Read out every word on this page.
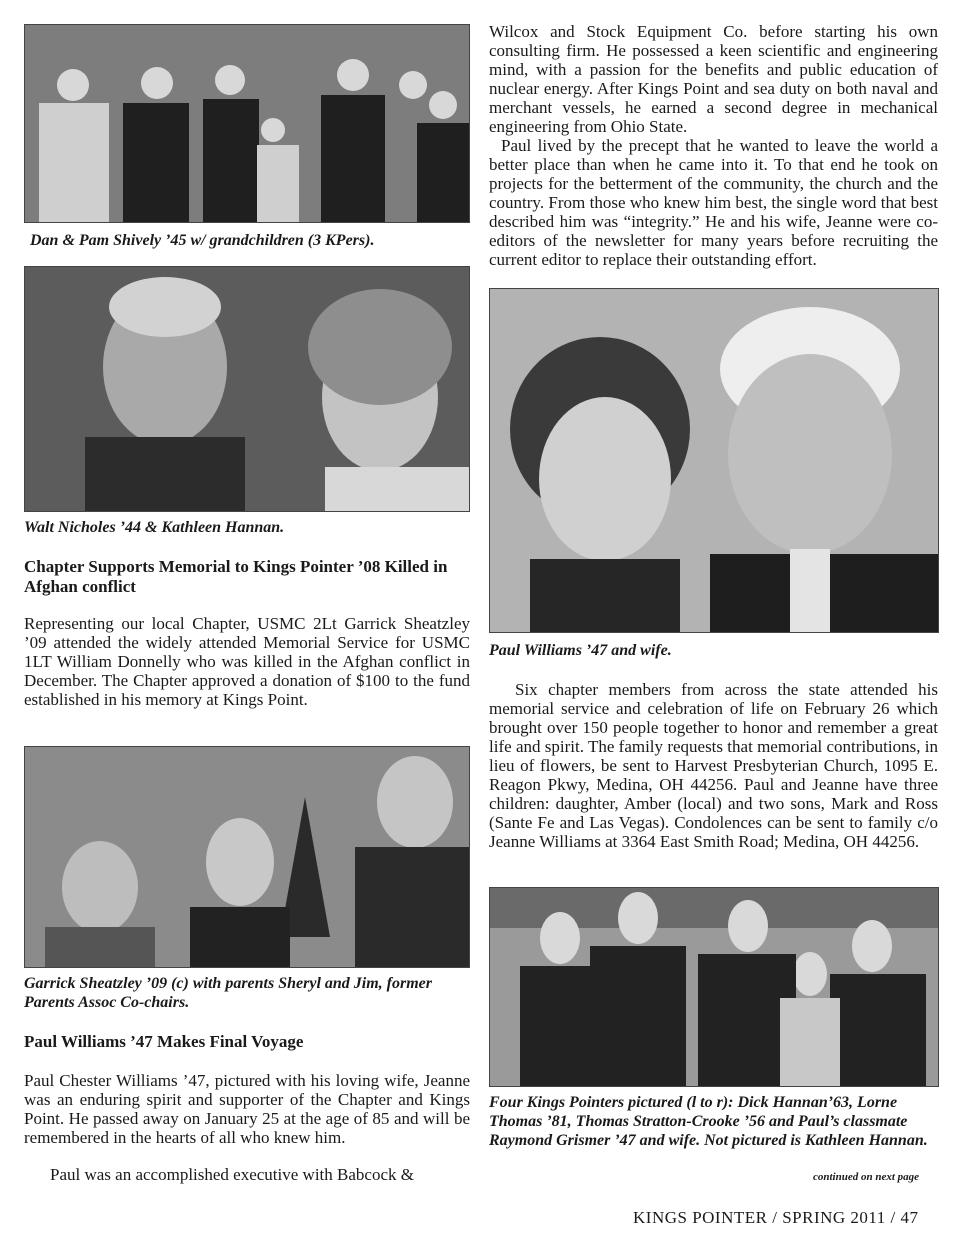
Dan & Pam Shively ’45 w/ grandchildren (3 KPers).

Walt Nicholes ’44 & Kathleen Hannan.

Chapter Supports Memorial to Kings Pointer ’08 Killed in Afghan conflict

Representing our local Chapter, USMC 2Lt Garrick Sheatzley ’09 attended the widely attended Memorial Service for USMC 1LT William Donnelly who was killed in the Afghan conflict in December. The Chapter approved a donation of $100 to the fund established in his memory at Kings Point.

Garrick Sheatzley ’09 (c) with parents Sheryl and Jim, former Parents Assoc Co-chairs.

Paul Williams ’47 Makes Final Voyage

Paul Chester Williams ’47, pictured with his loving wife, Jeanne was an enduring spirit and supporter of the Chapter and Kings Point. He passed away on January 25 at the age of 85 and will be remembered in the hearts of all who knew him.

Paul was an accomplished executive with Babcock &

Wilcox and Stock Equipment Co. before starting his own consulting firm. He possessed a keen scientific and engineering mind, with a passion for the benefits and public education of nuclear energy. After Kings Point and sea duty on both naval and merchant vessels, he earned a second degree in mechanical engineering from Ohio State.

Paul lived by the precept that he wanted to leave the world a better place than when he came into it. To that end he took on projects for the betterment of the community, the church and the country. From those who knew him best, the single word that best described him was “integrity.” He and his wife, Jeanne were co-editors of the newsletter for many years before recruiting the current editor to replace their outstanding effort.

Paul Williams ’47 and wife.

Six chapter members from across the state attended his memorial service and celebration of life on February 26 which brought over 150 people together to honor and remember a great life and spirit. The family requests that memorial contributions, in lieu of flowers, be sent to Harvest Presbyterian Church, 1095 E. Reagon Pkwy, Medina, OH 44256. Paul and Jeanne have three children: daughter, Amber (local) and two sons, Mark and Ross (Sante Fe and Las Vegas). Condolences can be sent to family c/o Jeanne Williams at 3364 East Smith Road; Medina, OH 44256.

Four Kings Pointers pictured (l to r): Dick Hannan’63, Lorne Thomas ’81, Thomas Stratton-Crooke ’56 and Paul’s classmate Raymond Grismer ’47 and wife. Not pictured is Kathleen Hannan.

continued on next page

KINGS POINTER / SPRING 2011 / 47
